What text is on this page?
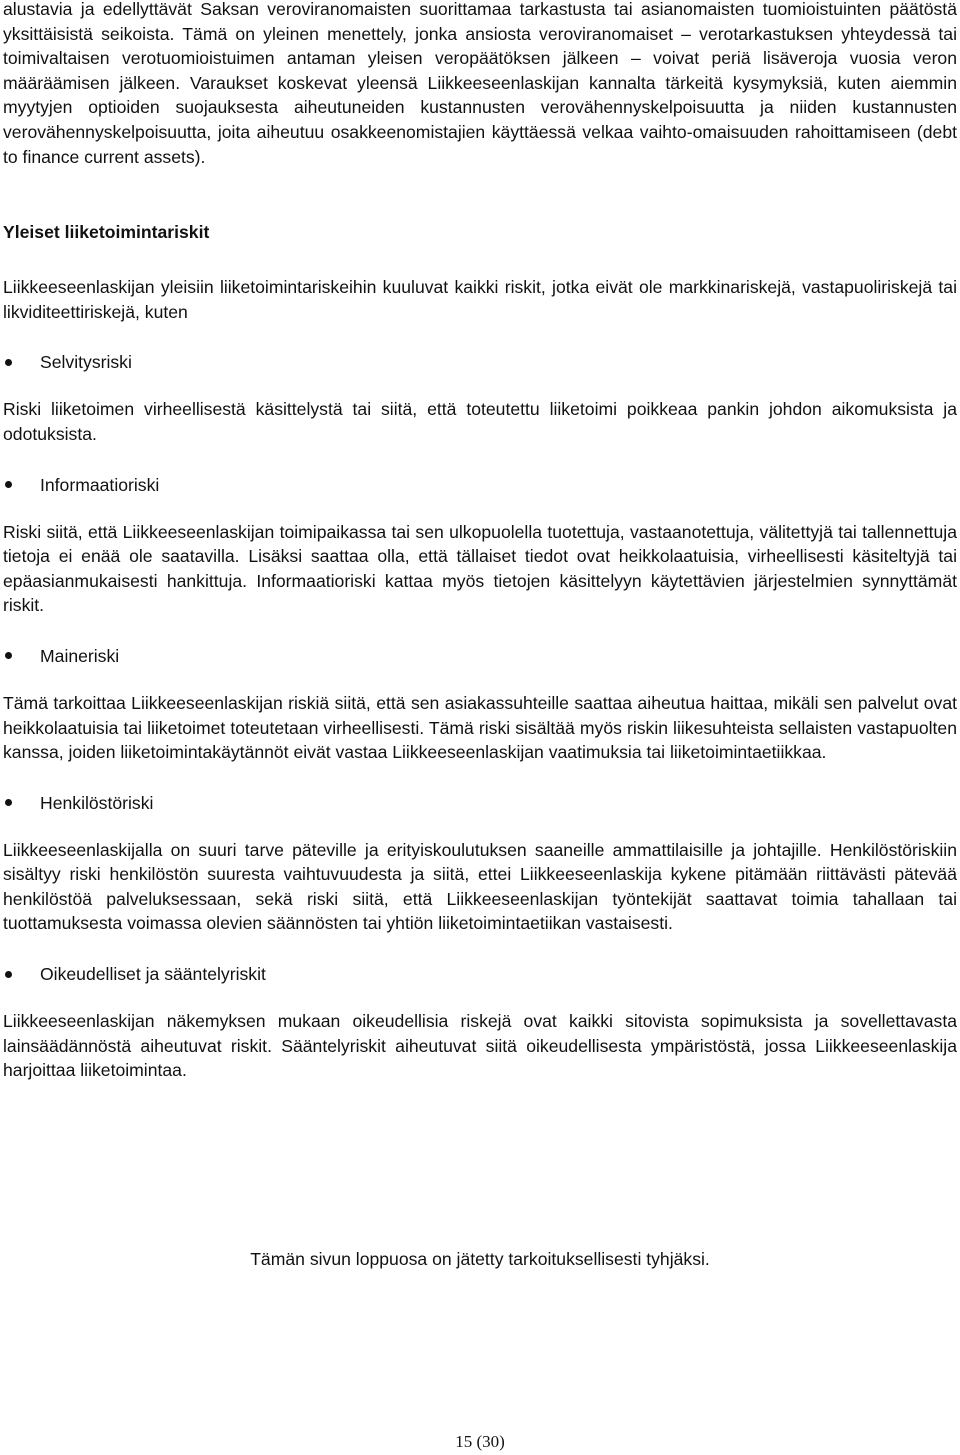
alustavia ja edellyttävät Saksan veroviranomaisten suorittamaa tarkastusta tai asianomaisten tuomioistuinten päätöstä yksittäisistä seikoista. Tämä on yleinen menettely, jonka ansiosta veroviranomaiset – verotarkastuksen yhteydessä tai toimivaltaisen verotuomioistuimen antaman yleisen veropäätöksen jälkeen – voivat periä lisäveroja vuosia veron määräämisen jälkeen. Varaukset koskevat yleensä Liikkeeseenlaskijan kannalta tärkeitä kysymyksiä, kuten aiemmin myytyjen optioiden suojauksesta aiheutuneiden kustannusten verovähennyskelpoisuutta ja niiden kustannusten verovähennyskelpoisuutta, joita aiheutuu osakkeenomistajien käyttäessä velkaa vaihto-omaisuuden rahoittamiseen (debt to finance current assets).

Yleiset liiketoimintariskit

Liikkeeseenlaskijan yleisiin liiketoimintariskeihin kuuluvat kaikki riskit, jotka eivät ole markkinariskejä, vastapuoliriskejä tai likviditeettiriskejä, kuten

Selvitysriski

Riski liiketoimen virheellisestä käsittelystä tai siitä, että toteutettu liiketoimi poikkeaa pankin johdon aikomuksista ja odotuksista.

Informaatioriski

Riski siitä, että Liikkeeseenlaskijan toimipaikassa tai sen ulkopuolella tuotettuja, vastaanotettuja, välitettyjä tai tallennettuja tietoja ei enää ole saatavilla. Lisäksi saattaa olla, että tällaiset tiedot ovat heikkolaatuisia, virheellisesti käsiteltyjä tai epäasianmukaisesti hankittuja. Informaatioriski kattaa myös tietojen käsittelyyn käytettävien järjestelmien synnyttämät riskit.

Maineriski

Tämä tarkoittaa Liikkeeseenlaskijan riskiä siitä, että sen asiakassuhteille saattaa aiheutua haittaa, mikäli sen palvelut ovat heikkolaatuisia tai liiketoimet toteutetaan virheellisesti. Tämä riski sisältää myös riskin liikesuhteista sellaisten vastapuolten kanssa, joiden liiketoimintakäytännöt eivät vastaa Liikkeeseenlaskijan vaatimuksia tai liiketoimintaetiikkaa.

Henkilöstöriski

Liikkeeseenlaskijalla on suuri tarve päteville ja erityiskoulutuksen saaneille ammattilaisille ja johtajille. Henkilöstöriskiin sisältyy riski henkilöstön suuresta vaihtuvuudesta ja siitä, ettei Liikkeeseenlaskija kykene pitämään riittävästi pätevää henkilöstöä palveluksessaan, sekä riski siitä, että Liikkeeseenlaskijan työntekijät saattavat toimia tahallaan tai tuottamuksesta voimassa olevien säännösten tai yhtiön liiketoimintaetiikan vastaisesti.

Oikeudelliset ja sääntelyriskit

Liikkeeseenlaskijan näkemyksen mukaan oikeudellisia riskejä ovat kaikki sitovista sopimuksista ja sovellettavasta lainsäädännöstä aiheutuvat riskit. Sääntelyriskit aiheutuvat siitä oikeudellisesta ympäristöstä, jossa Liikkeeseenlaskija harjoittaa liiketoimintaa.

Tämän sivun loppuosa on jätetty tarkoituksellisesti tyhjäksi.
15 (30)
